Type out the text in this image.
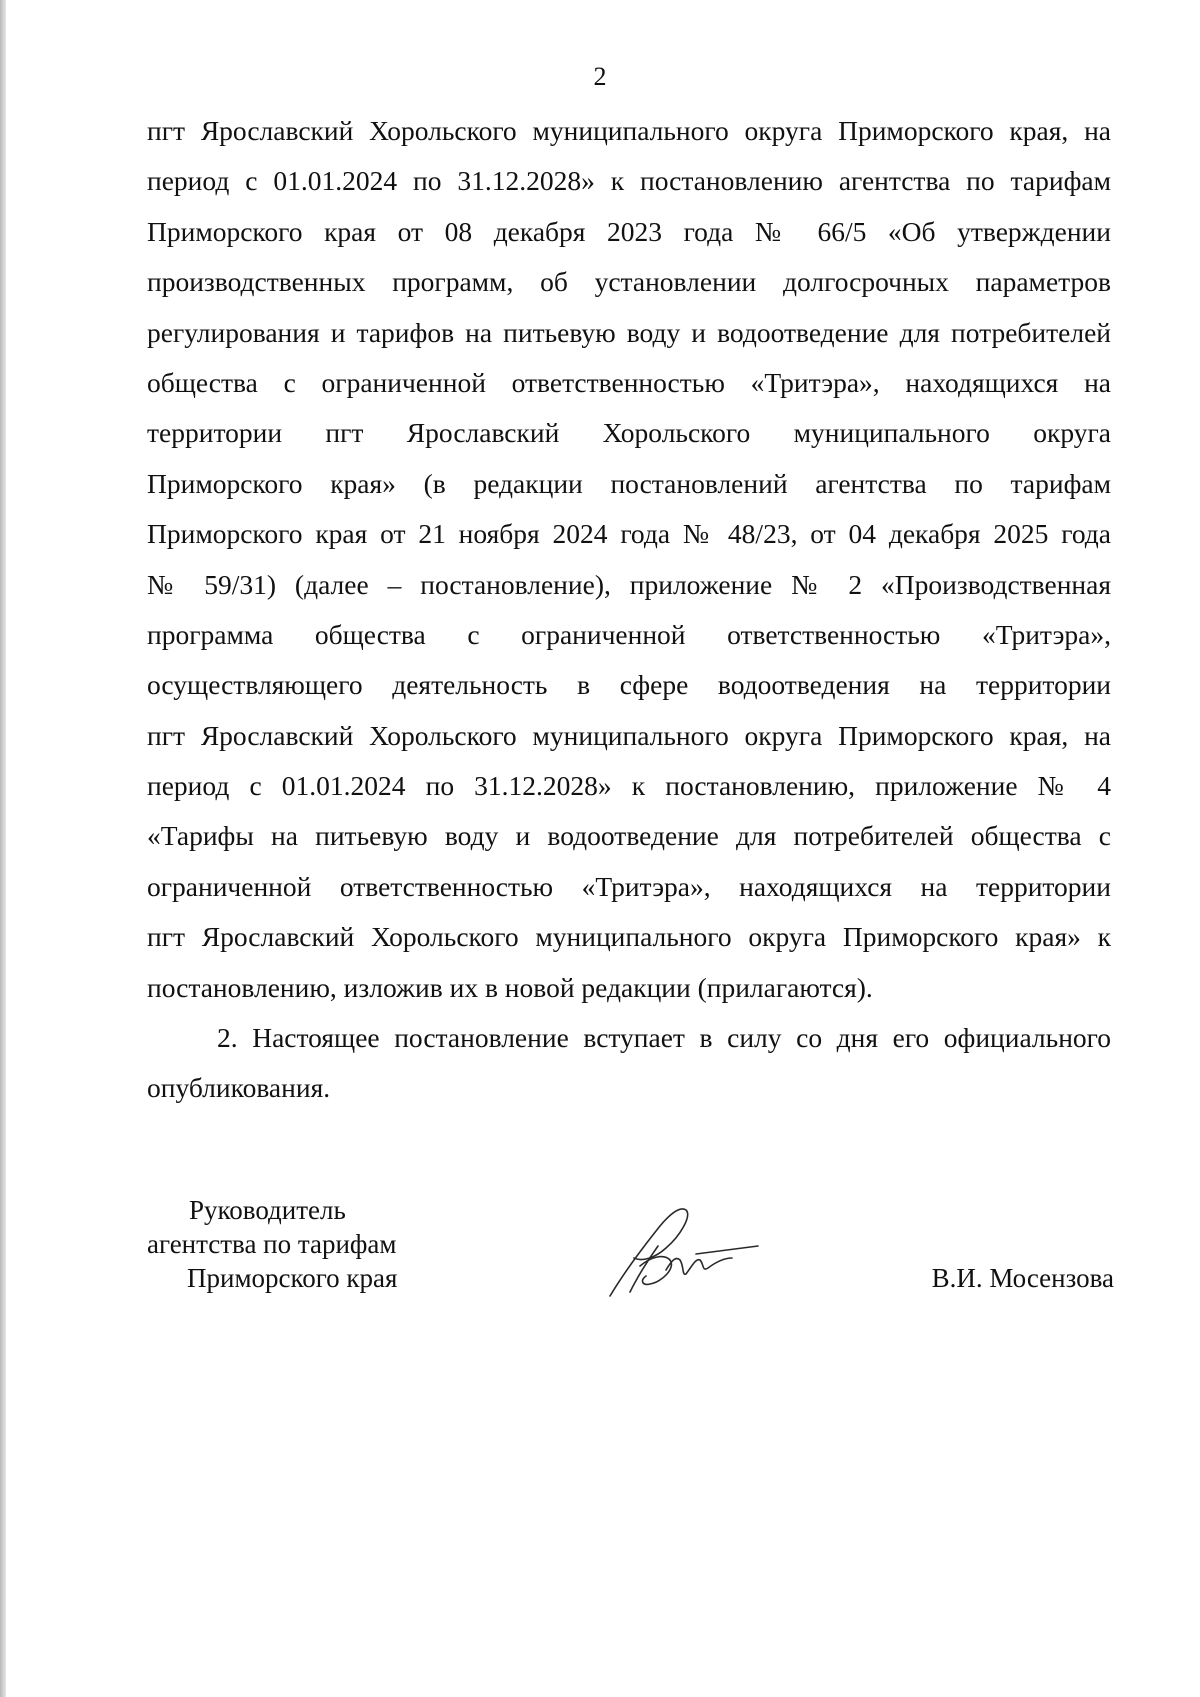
2
пгт Ярославский Хорольского муниципального округа Приморского края, на
период с 01.01.2024 по 31.12.2028» к постановлению агентства по тарифам
Приморского края от 08 декабря 2023 года № 66/5 «Об утверждении
производственных программ, об установлении долгосрочных параметров
регулирования и тарифов на питьевую воду и водоотведение для потребителей
общества с ограниченной ответственностью «Тритэра», находящихся на
территории пгт Ярославский Хорольского муниципального округа
Приморского края» (в редакции постановлений агентства по тарифам
Приморского края от 21 ноября 2024 года № 48/23, от 04 декабря 2025 года
№ 59/31) (далее – постановление), приложение № 2 «Производственная
программа общества с ограниченной ответственностью «Тритэра»,
осуществляющего деятельность в сфере водоотведения на территории
пгт Ярославский Хорольского муниципального округа Приморского края, на
период с 01.01.2024 по 31.12.2028» к постановлению, приложение № 4
«Тарифы на питьевую воду и водоотведение для потребителей общества с
ограниченной ответственностью «Тритэра», находящихся на территории
пгт Ярославский Хорольского муниципального округа Приморского края» к
постановлению, изложив их в новой редакции (прилагаются).
2. Настоящее постановление вступает в силу со дня его официального
опубликования.
Руководитель
агентства по тарифам
Приморского края	В.И. Мосензова
